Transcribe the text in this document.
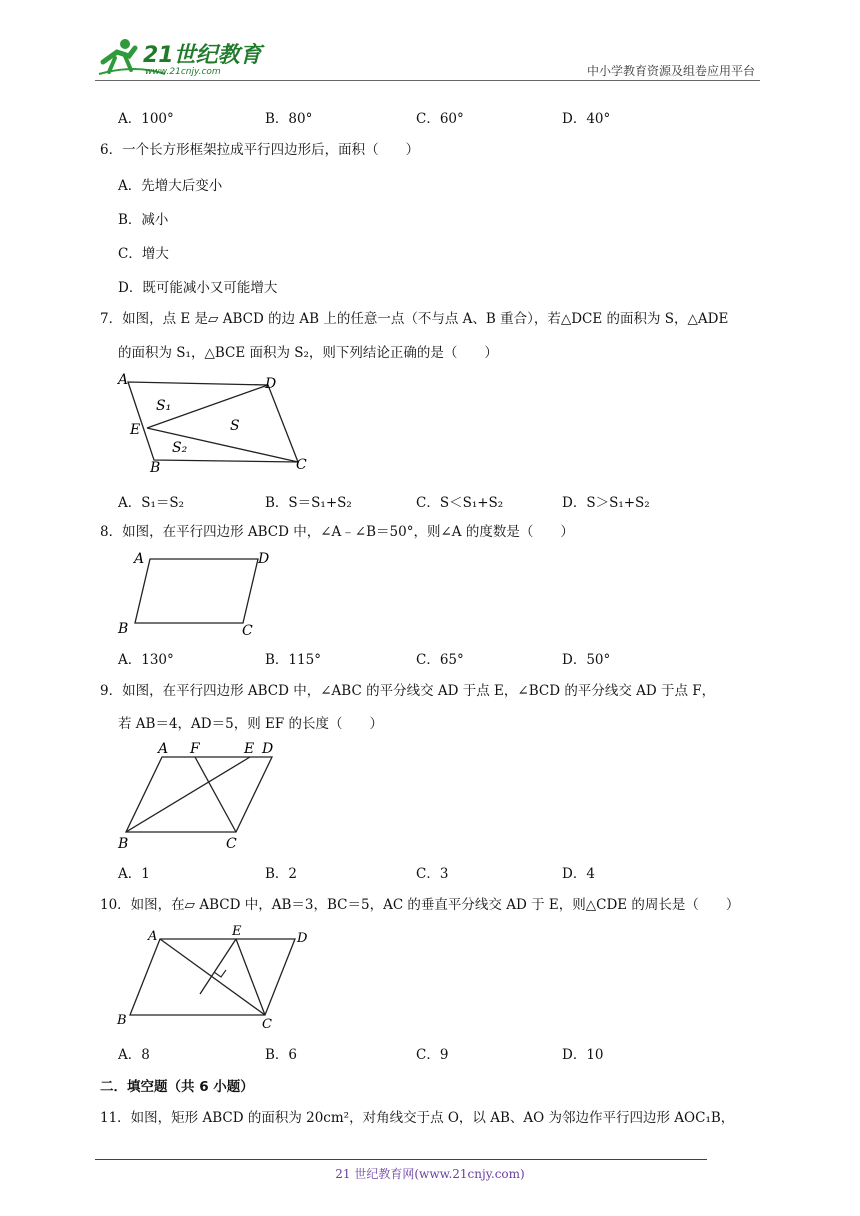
21世纪教育
www.21cnjy.com	中小学教育资源及组卷应用平台
A．100°	B．80°	C．60°	D．40°
6．一个长方形框架拉成平行四边形后，面积（　　）
A．先增大后变小
B．减小
C．增大
D．既可能减小又可能增大
7．如图，点 E 是▱ ABCD 的边 AB 上的任意一点（不与点 A、B 重合），若△DCE 的面积为 S，△ADE
的面积为 S₁，△BCE 面积为 S₂，则下列结论正确的是（　　）
A	D
C
B
E
S₁
S
S₂
A．S₁＝S₂	B．S＝S₁+S₂	C．S＜S₁+S₂	D．S＞S₁+S₂
8．如图，在平行四边形 ABCD 中，∠A﹣∠B＝50°，则∠A 的度数是（　　）
A	D
B	C
A．130°	B．115°	C．65°	D．50°
9．如图，在平行四边形 ABCD 中，∠ABC 的平分线交 AD 于点 E，∠BCD 的平分线交 AD 于点 F，
若 AB＝4，AD＝5，则 EF 的长度（　　）
A F	E D
B	C
A．1	B．2	C．3	D．4
10．如图，在▱ ABCD 中，AB＝3，BC＝5，AC 的垂直平分线交 AD 于 E，则△CDE 的周长是（　　）
A	E	D
B	C
A．8	B．6	C．9	D．10
二．填空题（共 6 小题）
11．如图，矩形 ABCD 的面积为 20cm²，对角线交于点 O，以 AB、AO 为邻边作平行四边形 AOC₁B，
21 世纪教育网(www.21cnjy.com)
